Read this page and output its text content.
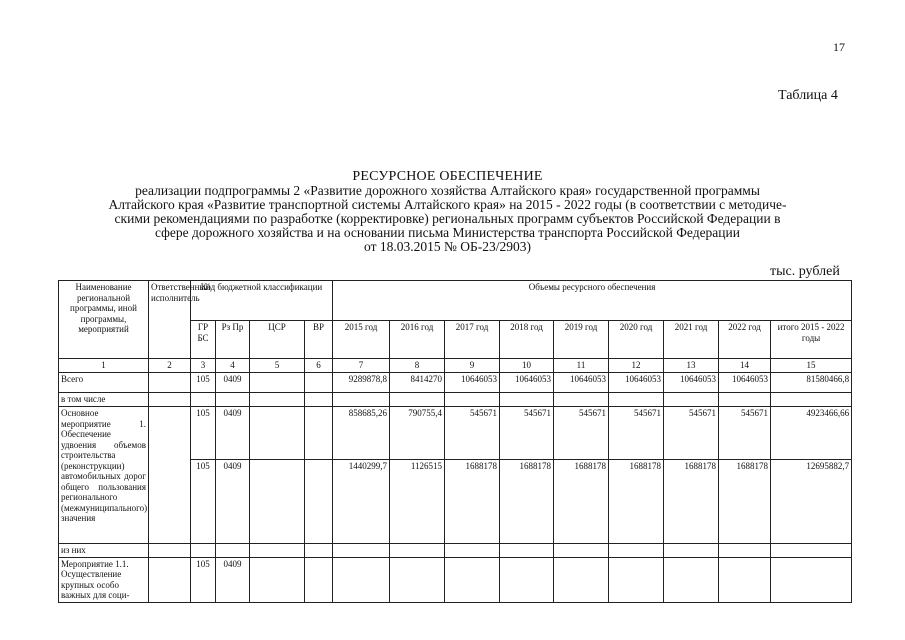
17
Таблица 4
РЕСУРСНОЕ ОБЕСПЕЧЕНИЕ
реализации подпрограммы 2 «Развитие дорожного хозяйства Алтайского края» государственной программы
Алтайского края «Развитие транспортной системы Алтайского края» на 2015 - 2022 годы (в соответствии с методиче-
скими рекомендациями по разработке (корректировке) региональных программ субъектов Российской Федерации в
сфере дорожного хозяйства и на основании письма Министерства транспорта Российской Федерации
от 18.03.2015 № ОБ-23/2903)
тыс. рублей
Наименование региональной программы, иной программы, мероприятий	Ответственный исполнитель	Код бюджетной классификации				Объемы ресурсного обеспечения								
		ГР БС	Рз Пр	ЦСР	ВР	2015 год	2016 год	2017 год	2018 год	2019 год	2020 год	2021 год	2022 год	итого 2015 - 2022 годы
1	2	3	4	5	6	7	8	9	10	11	12	13	14	15
Всего		105	0409			9289878,8	8414270	10646053	10646053	10646053	10646053	10646053	10646053	81580466,8
в том числе														
Основное мероприятие 1. Обеспечение удвоения объемов строительства (реконструкции) автомобильных дорог общего пользования регионального (межмуниципального) значения		105	0409			858685,26	790755,4	545671	545671	545671	545671	545671	545671	4923466,66
		105	0409			1440299,7	1126515	1688178	1688178	1688178	1688178	1688178	1688178	12695882,7
из них														
Мероприятие 1.1. Осуществление крупных особо важных для соци-		105	0409											
